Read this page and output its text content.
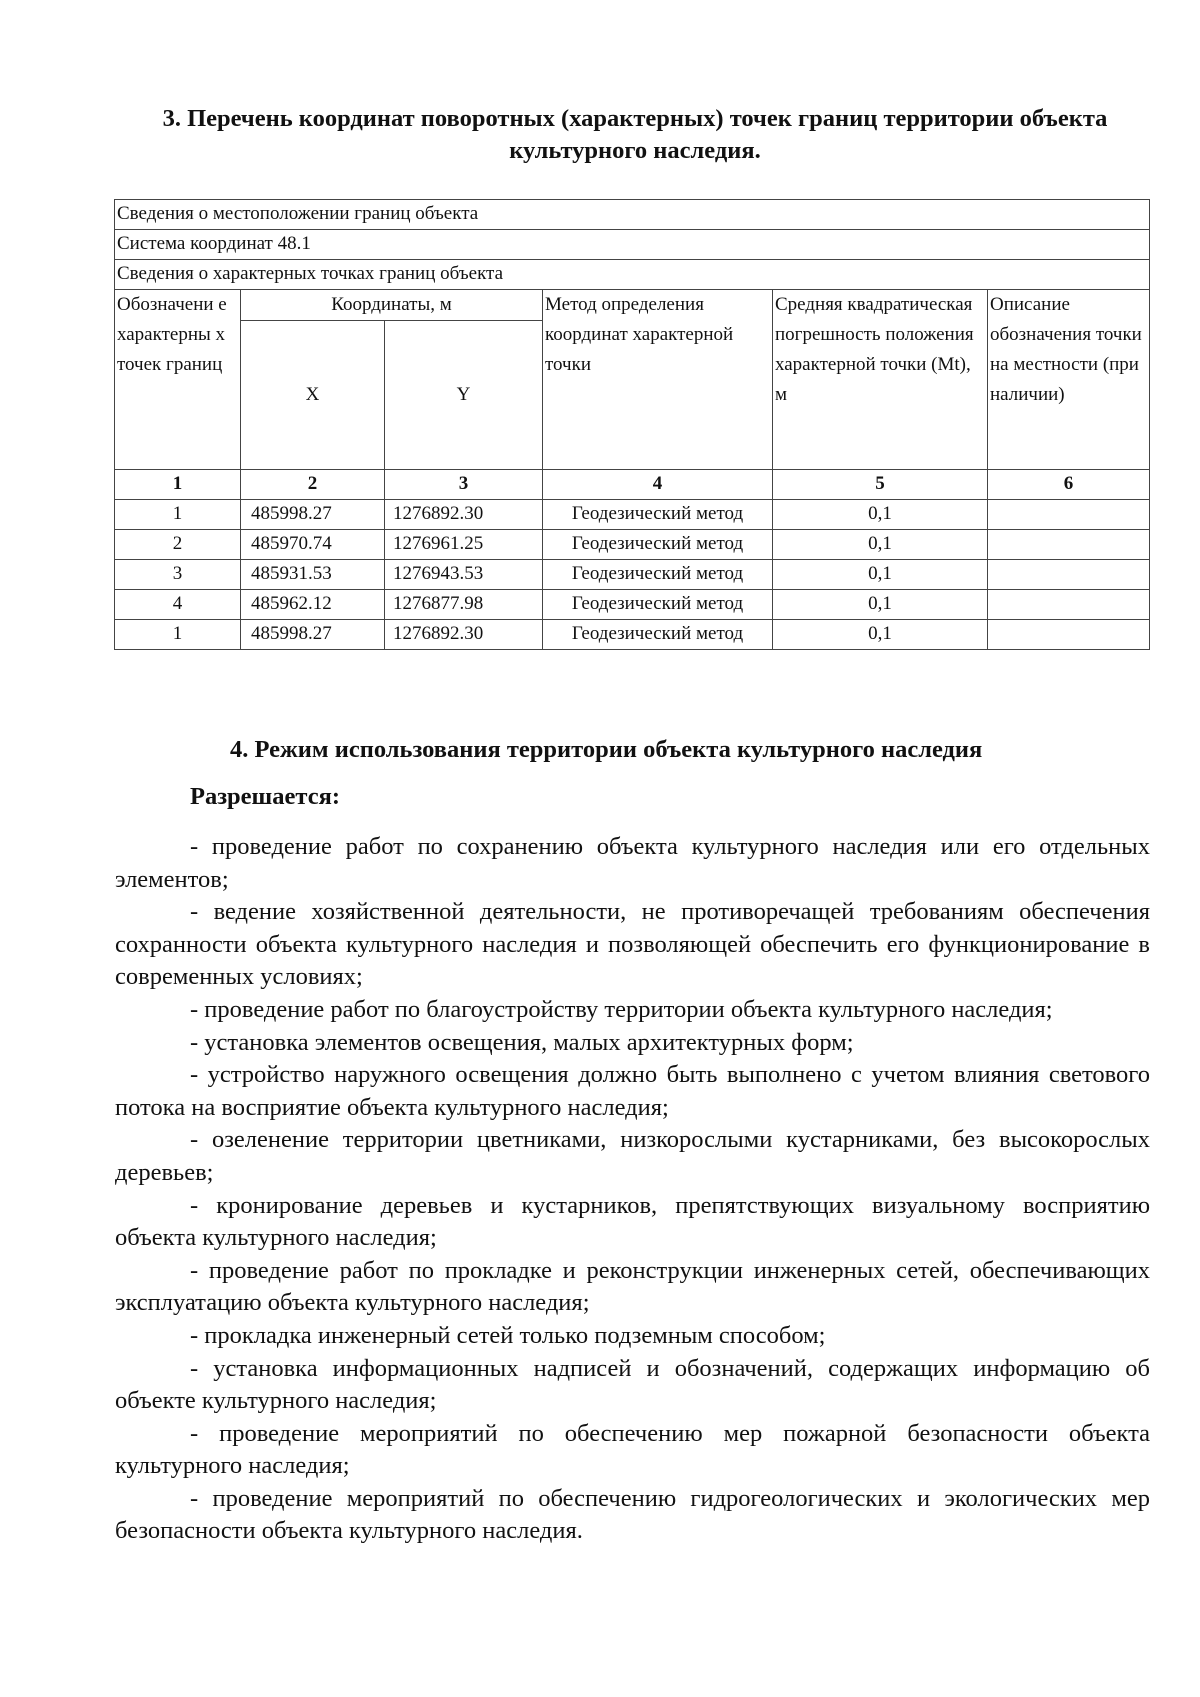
3. Перечень координат поворотных (характерных) точек границ территории объекта культурного наследия.
Сведения о местоположении границ объекта					
Система координат 48.1					
Сведения о характерных точках границ объекта					
Обозначени е характерны х точек границ	Координаты, м		Метод определения координат характерной точки	Средняя квадратическая погрешность положения характерной точки (Mt), м	Описание обозначения точки на местности (при наличии)
	X	Y			
1	2	3	4	5	6
1	485998.27	1276892.30	Геодезический метод	0,1	
2	485970.74	1276961.25	Геодезический метод	0,1	
3	485931.53	1276943.53	Геодезический метод	0,1	
4	485962.12	1276877.98	Геодезический метод	0,1	
1	485998.27	1276892.30	Геодезический метод	0,1	
4. Режим использования территории объекта культурного наследия
Разрешается:

- проведение работ по сохранению объекта культурного наследия или его отдельных элементов;

- ведение хозяйственной деятельности, не противоречащей требованиям обеспечения сохранности объекта культурного наследия и позволяющей обеспечить его функционирование в современных условиях;

- проведение работ по благоустройству территории объекта культурного наследия;

- установка элементов освещения, малых архитектурных форм;

- устройство наружного освещения должно быть выполнено с учетом влияния светового потока на восприятие объекта культурного наследия;

- озеленение территории цветниками, низкорослыми кустарниками, без высокорослых деревьев;

- кронирование деревьев и кустарников, препятствующих визуальному восприятию объекта культурного наследия;

- проведение работ по прокладке и реконструкции инженерных сетей, обеспечивающих эксплуатацию объекта культурного наследия;

- прокладка инженерный сетей только подземным способом;

- установка информационных надписей и обозначений, содержащих информацию об объекте культурного наследия;

- проведение мероприятий по обеспечению мер пожарной безопасности объекта культурного наследия;

- проведение мероприятий по обеспечению гидрогеологических и экологических мер безопасности объекта культурного наследия.
